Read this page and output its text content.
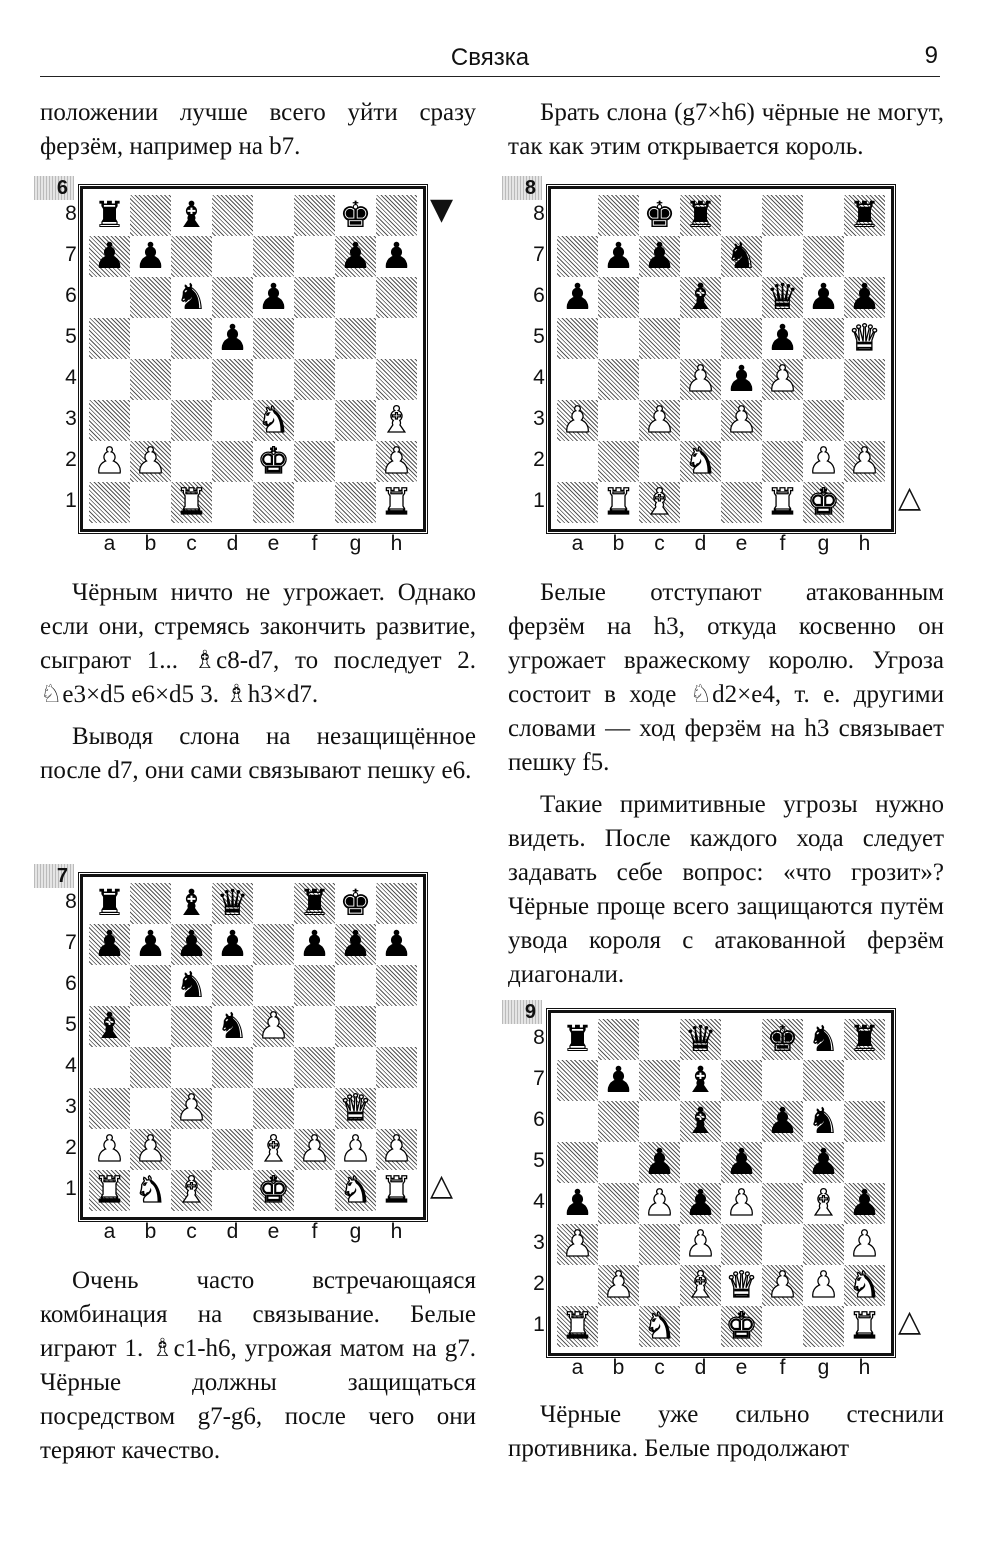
Связка	9

положении лучше всего уйти сразу ферзём, например на b7.

Чёрным ничто не угрожает. Однако если они, стремясь закончить развитие, сыграют 1... ♗c8-d7, то последует 2. ♘e3×d5 e6×d5 3. ♗h3×d7.

Выводя слона на незащищённое после d7, они сами связывают пешку e6.

Очень часто встречающаяся комбинация на связывание. Белые играют 1. ♗c1-h6, угрожая матом на g7. Чёрные должны защищаться посредством g7-g6, после чего они теряют качество.

Брать слона (g7×h6) чёрные не могут, так как этим открывается король.

Белые отступают атакованным ферзём на h3, откуда косвенно он угрожает вражескому королю. Угроза состоит в ходе ♘d2×e4, т. е. другими словами — ход ферзём на h3 связывает пешку f5.

Такие примитивные угрозы нужно видеть. После каждого хода следует задавать себе вопрос: «что грозит»? Чёрные проще всего защищаются путём увода короля с атакованной ферзём диагонали.

Чёрные уже сильно стеснили противника. Белые продолжают

6
♜ ♝	♚
♟ ♟	♟ ♟
♞ ♟
♟
♞	♝
♟ ♟	♚	♟
♜	♜
8
7
6
5
4
3
2
1
a	b	c	d	e	f	g	h
▼
7
♜ ♝ ♛ ♜ ♚
♟ ♟ ♟ ♟ ♟ ♟ ♟
♞
♝	♞ ♟
♟	♛
♟ ♟	♝ ♟ ♟ ♟
♜ ♞ ♝ ♚ ♞ ♜
8
7
6
5
4
3
2
1
a	b	c	d	e	f	g	h
△
8
♚ ♜	♜
♟ ♟ ♞
♟	♝ ♛ ♟ ♟
♟ ♛
♟ ♟ ♟
♟ ♟ ♟
♞	♟ ♟
♜ ♝	♜ ♚
8
7
6
5
4
3
2
1
a	b	c	d	e	f	g	h
△
9
♜	♛ ♚ ♞ ♜
♟ ♝
♝ ♟ ♞
♟ ♟ ♟
♟ ♟ ♟ ♟ ♝ ♟
♟	♟	♟
♟ ♝ ♛ ♟ ♟ ♞
♜ ♞ ♚	♜
8
7
6
5
4
3
2
1
a	b	c	d	e	f	g	h
△
